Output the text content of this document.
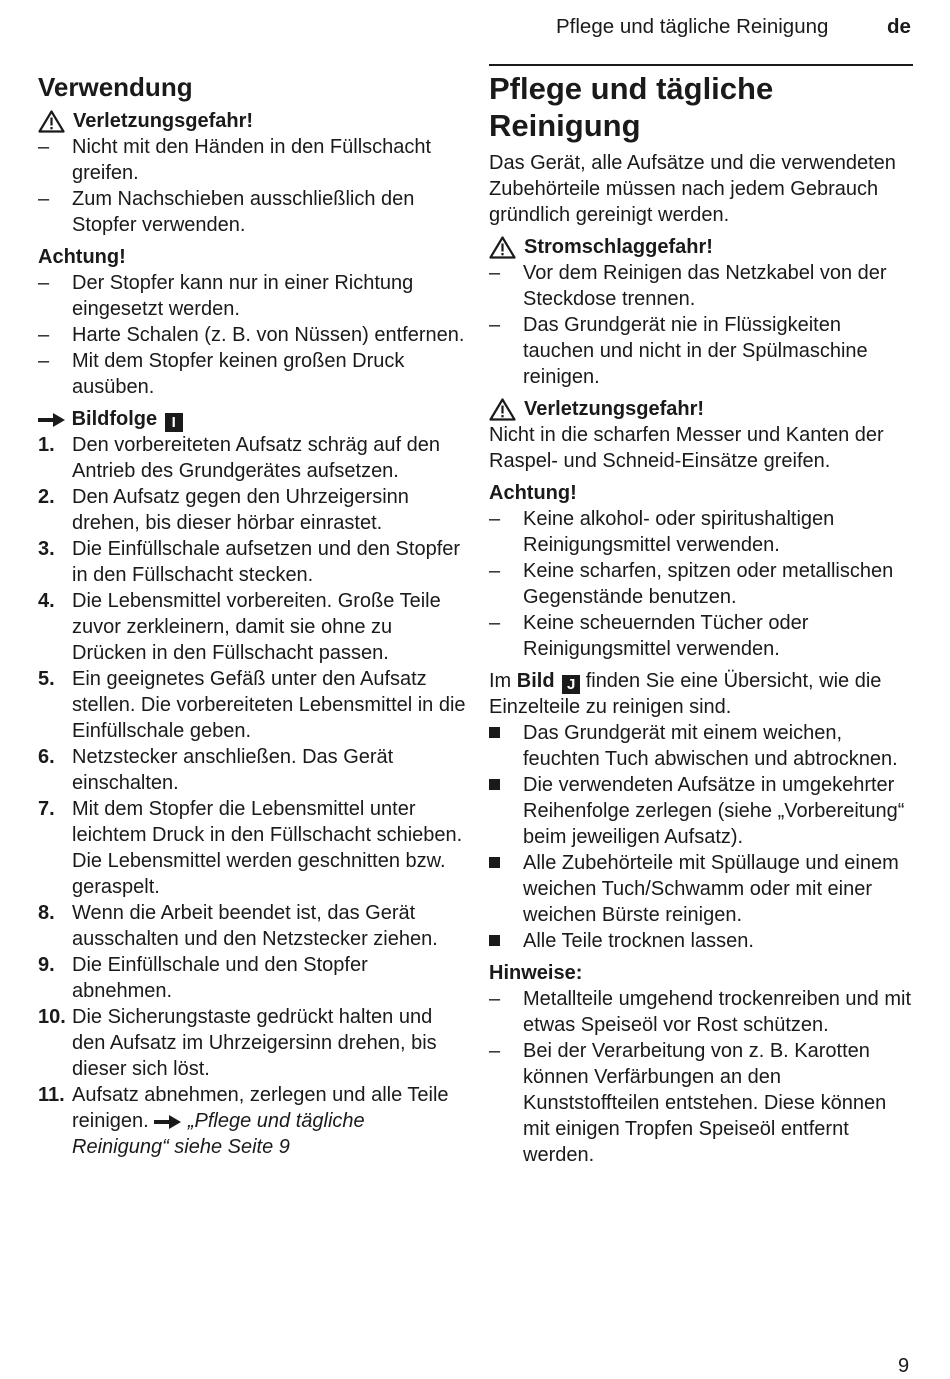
Pflege und tägliche Reinigung	de
Verwendung
Verletzungsgefahr!
–	Nicht mit den Händen in den Füllschacht greifen.
–	Zum Nachschieben ausschließlich den Stopfer verwenden.
Achtung!
–	Der Stopfer kann nur in einer Richtung eingesetzt werden.
–	Harte Schalen (z. B. von Nüssen) entfernen.
–	Mit dem Stopfer keinen großen Druck ausüben.
Bildfolge I
1. Den vorbereiteten Aufsatz schräg auf den Antrieb des Grundgerätes aufsetzen.
2. Den Aufsatz gegen den Uhrzeigersinn drehen, bis dieser hörbar einrastet.
3. Die Einfüllschale aufsetzen und den Stopfer in den Füllschacht stecken.
4. Die Lebensmittel vorbereiten. Große Teile zuvor zerkleinern, damit sie ohne zu Drücken in den Füllschacht passen.
5. Ein geeignetes Gefäß unter den Aufsatz stellen. Die vorbereiteten Lebensmittel in die Einfüllschale geben.
6. Netzstecker anschließen. Das Gerät einschalten.
7. Mit dem Stopfer die Lebensmittel unter leichtem Druck in den Füllschacht schieben. Die Lebensmittel werden geschnitten bzw. geraspelt.
8. Wenn die Arbeit beendet ist, das Gerät ausschalten und den Netzstecker ziehen.
9. Die Einfüllschale und den Stopfer abnehmen.
10. Die Sicherungstaste gedrückt halten und den Aufsatz im Uhrzeigersinn drehen, bis dieser sich löst.
11. Aufsatz abnehmen, zerlegen und alle Teile reinigen. „Pflege und tägliche Reinigung“ siehe Seite 9
Pflege und tägliche
Reinigung

Das Gerät, alle Aufsätze und die verwendeten Zubehörteile müssen nach jedem Gebrauch gründlich gereinigt werden.

Stromschlaggefahr!
–	Vor dem Reinigen das Netzkabel von der Steckdose trennen.
–	Das Grundgerät nie in Flüssigkeiten tauchen und nicht in der Spülmaschine reinigen.
Verletzungsgefahr!

Nicht in die scharfen Messer und Kanten der Raspel- und Schneid-Einsätze greifen.

Achtung!
–	Keine alkohol- oder spiritushaltigen Reinigungsmittel verwenden.
–	Keine scharfen, spitzen oder metallischen Gegenstände benutzen.
–	Keine scheuernden Tücher oder Reinigungsmittel verwenden.

Im Bild J finden Sie eine Übersicht, wie die Einzelteile zu reinigen sind.

Das Grundgerät mit einem weichen, feuchten Tuch abwischen und abtrocknen.
Die verwendeten Aufsätze in umgekehrter Reihenfolge zerlegen (siehe „Vorbereitung“ beim jeweiligen Aufsatz).
Alle Zubehörteile mit Spüllauge und einem weichen Tuch/Schwamm oder mit einer weichen Bürste reinigen.
Alle Teile trocknen lassen.
Hinweise:
–	Metallteile umgehend trockenreiben und mit etwas Speiseöl vor Rost schützen.
–	Bei der Verarbeitung von z. B. Karotten können Verfärbungen an den Kunststoffteilen entstehen. Diese können mit einigen Tropfen Speiseöl entfernt werden.
9
